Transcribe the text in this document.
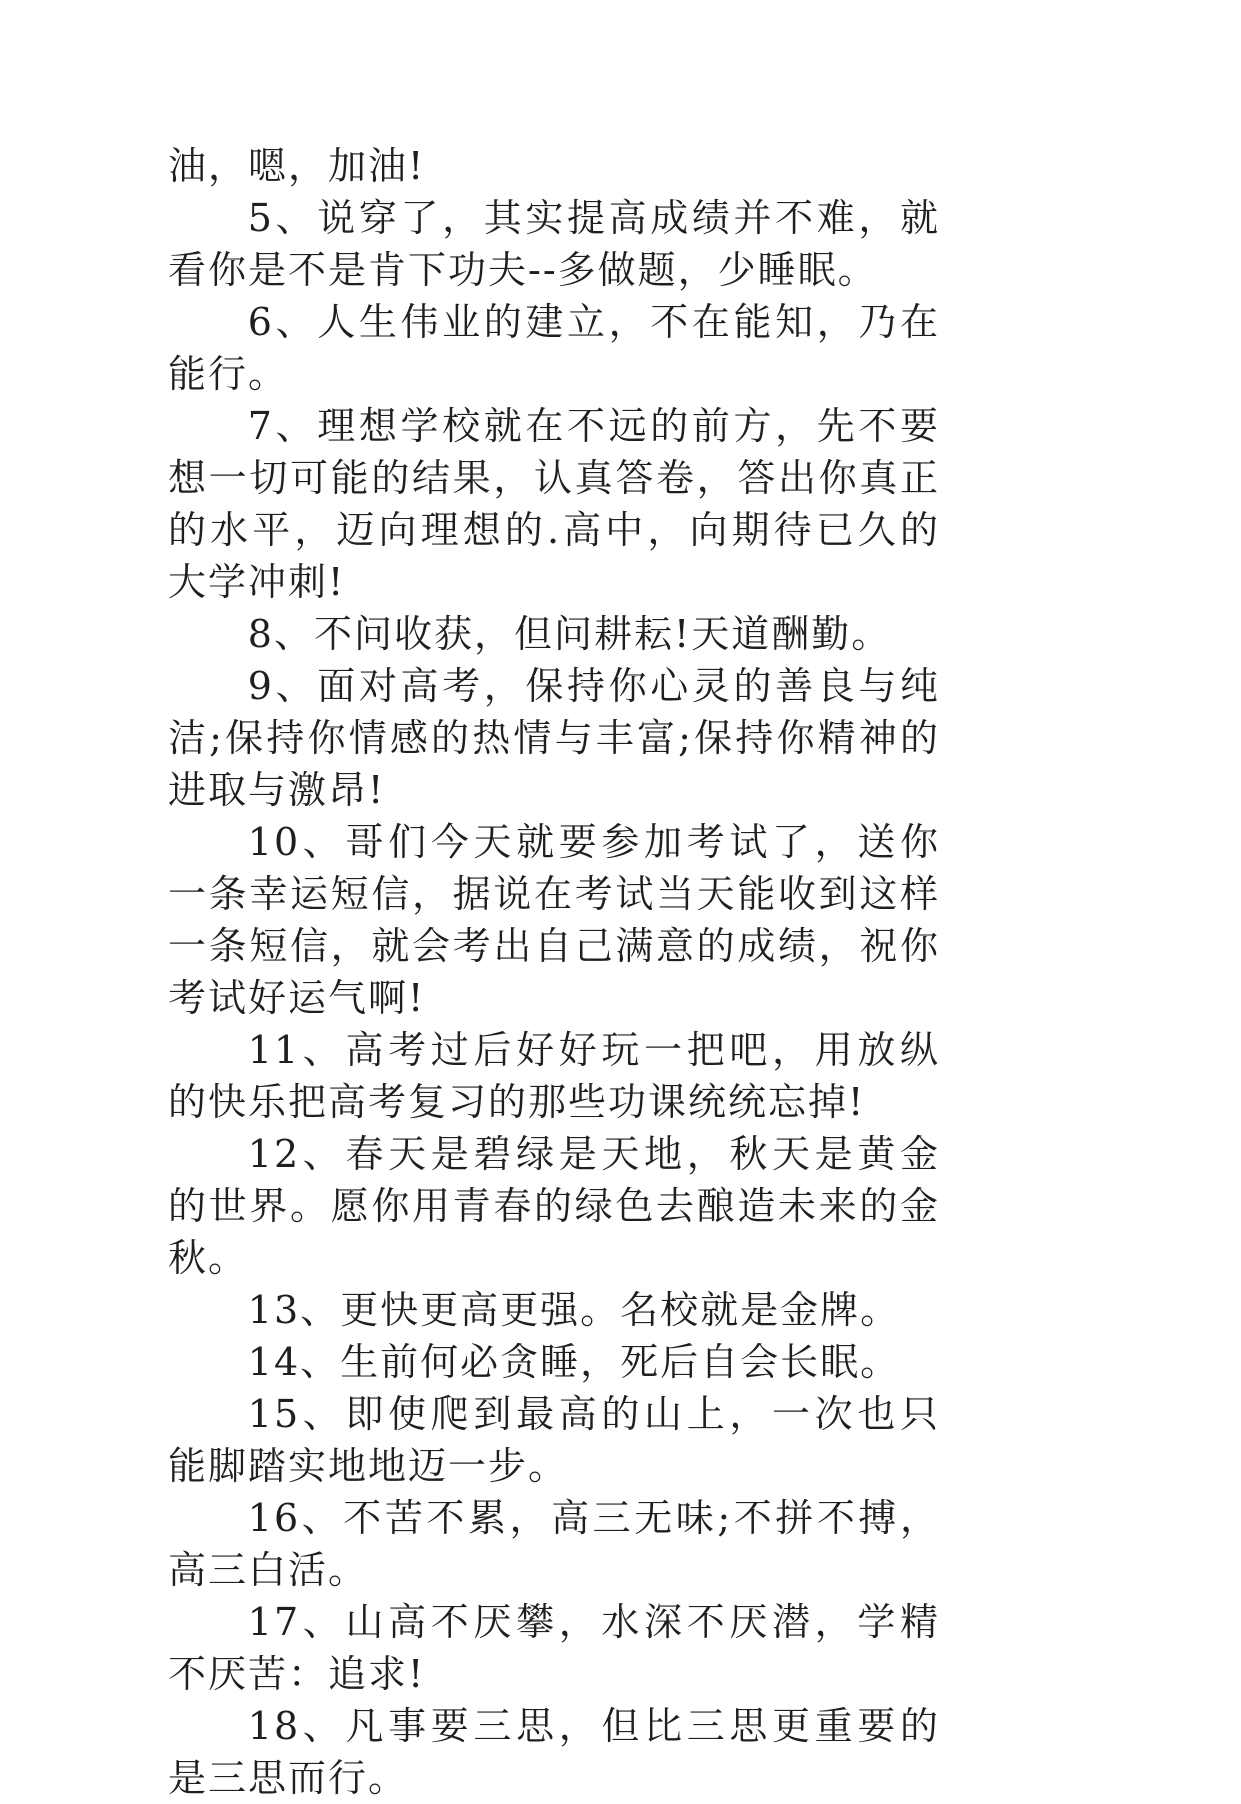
油，嗯，加油!

5、说穿了，其实提高成绩并不难，就看你是不是肯下功夫--多做题，少睡眠。

6、人生伟业的建立，不在能知，乃在能行。

7、理想学校就在不远的前方，先不要想一切可能的结果，认真答卷，答出你真正的水平，迈向理想的.高中，向期待已久的大学冲刺!

8、不问收获，但问耕耘!天道酬勤。

9、面对高考，保持你心灵的善良与纯洁;保持你情感的热情与丰富;保持你精神的进取与激昂!

10、哥们今天就要参加考试了，送你一条幸运短信，据说在考试当天能收到这样一条短信，就会考出自己满意的成绩，祝你考试好运气啊!

11、高考过后好好玩一把吧，用放纵的快乐把高考复习的那些功课统统忘掉!

12、春天是碧绿是天地，秋天是黄金的世界。愿你用青春的绿色去酿造未来的金秋。

13、更快更高更强。名校就是金牌。

14、生前何必贪睡，死后自会长眠。

15、即使爬到最高的山上，一次也只能脚踏实地地迈一步。

16、不苦不累，高三无味;不拼不搏，高三白活。

17、山高不厌攀，水深不厌潜，学精不厌苦：追求!

18、凡事要三思，但比三思更重要的是三思而行。
